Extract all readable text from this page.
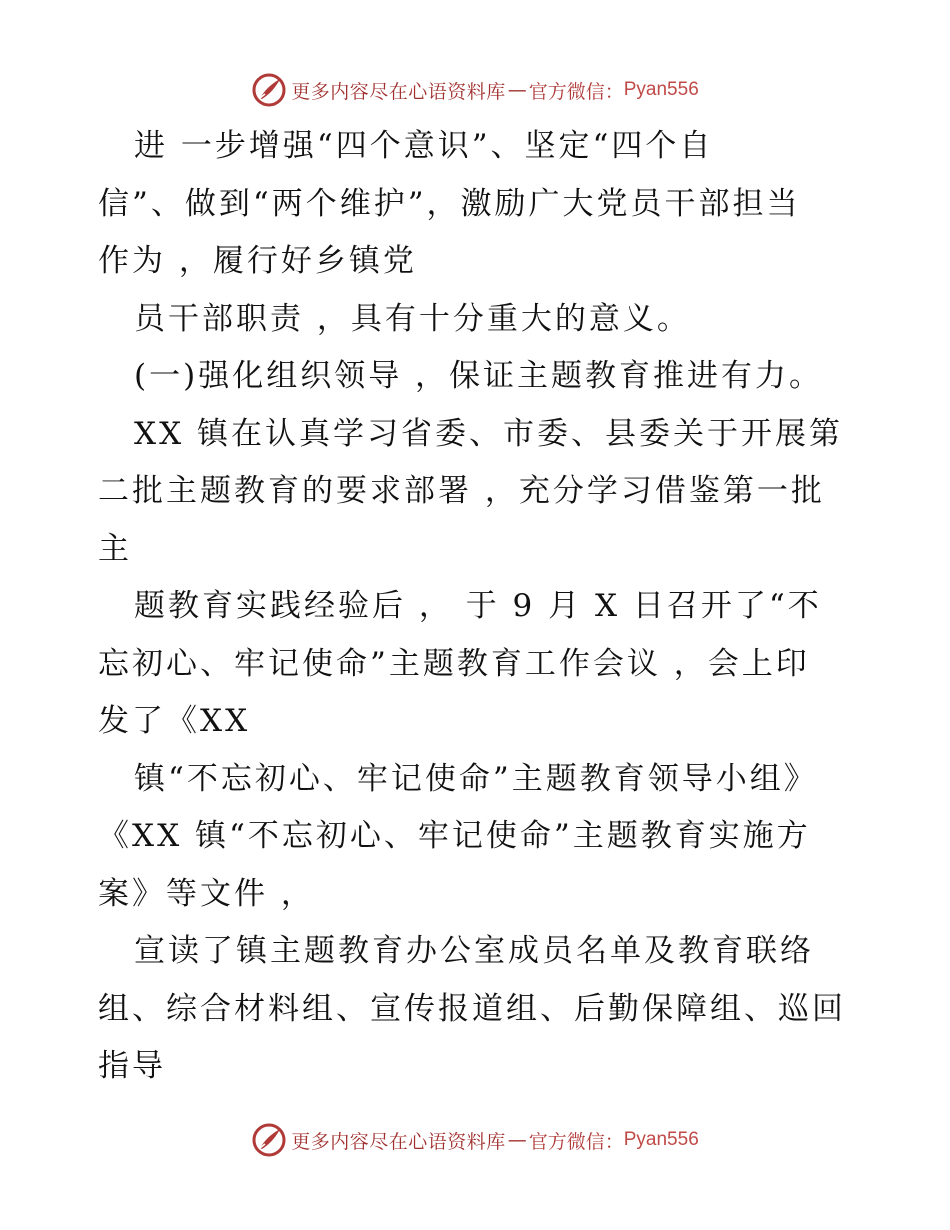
更多内容尽在心语资料库 — 官方微信： Pyan556
进 一步增强“四个意识”、坚定“四个自
信”、做到“两个维护”，激励广大党员干部担当
作为 ，履行好乡镇党
员干部职责 ，具有十分重大的意义。
(一)强化组织领导 ，保证主题教育推进有力。
XX 镇在认真学习省委、市委、县委关于开展第
二批主题教育的要求部署 ，充分学习借鉴第一批
主
题教育实践经验后 ， 于 9 月 X 日召开了“不
忘初心、牢记使命”主题教育工作会议 ，会上印
发了《XX
镇“不忘初心、牢记使命”主题教育领导小组》
《XX 镇“不忘初心、牢记使命”主题教育实施方
案》等文件 ，
宣读了镇主题教育办公室成员名单及教育联络
组、综合材料组、宣传报道组、后勤保障组、巡回
指导
更多内容尽在心语资料库 — 官方微信： Pyan556
